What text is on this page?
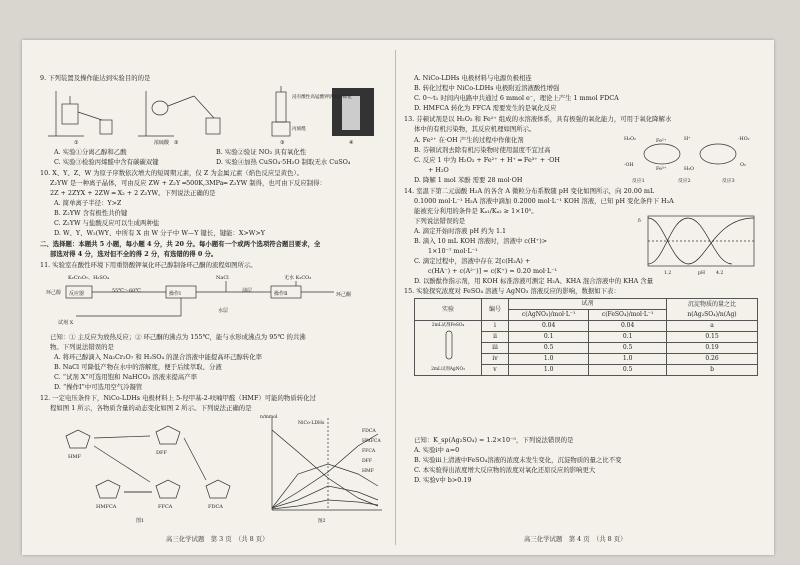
9. 下列装置及操作能达到实验目的的是

浓硫酸
浸有酸性高锰酸钾溶液的棉花
丙烯醛
①	②	③	④

A. 实验①分离乙醇和乙酸	B. 实验②验证 NO₂ 具有氧化性

C. 实验③检验丙烯醛中含有碳碳双键	D. 实验④加热 CuSO₄·5H₂O 制取无水 CuSO₄

10. X、Y、Z、W 为原子序数依次增大的短周期元素，仅 Z 为金属元素（焰色反应呈黄色）。

Z₂YW 是一种离子晶体，可由反应 ZW + Z₂Y ═500K,3MPa═ Z₂YW 制得，也可由下反应制得：

2Z + 2ZYX + 2ZW ═ X₂ + 2 Z₂YW。下列说法正确的是

A. 简单离子半径：Y>Z

B. Z₂YW 含有极性共价键

C. Z₂YW 与盐酸反应可以生成两种盐

D. W、Y、W₂(WY、中所有 X 由 W 分子中 W—Y 键长，键能：X>W>Y

二、选择题：本题共 5 小题，每小题 4 分，共 20 分。每小题有一个或两个选项符合题目要求，全

部选对得 4 分，选对但不全的得 2 分，有选错的得 0 分。

11. 实验室在酸性环境下用重铬酸钾氧化环己醇制备环己酮的流程如图所示。

K₂Cr₂O₇、H₂SO₄
环己醇	55℃～60℃
NaCl	无水 K₂CO₃
油层
环己酮
水层
试剂 X
反应器	操作Ⅰ	操作Ⅱ

已知：① 主反应为放热反应；② 环己酮的沸点为 155℃，能与水形成沸点为 95℃ 的共沸

物。下列说法错误的是

A. 将环己醇滴入 Na₂Cr₂O₇ 和 H₂SO₄ 的混合溶液中能提高环己醇转化率

B. NaCl 可降低产物在水中的溶解度，便于后续萃取、分液

C. “试剂 X”可选用饱和 NaHCO₃ 溶液来提高产率

D. “操作Ⅰ”中可选用空气冷凝管

12. 一定电压条件下，NiCo-LDHs 电极材料上 5-羟甲基-2-呋喃甲醛（HMF）可能的物质转化过

程如图 1 所示，各物质含量的动态变化如图 2 所示。下列说法正确的是

HMF
DFF
HMFCA	FFCA	FDCA
图1
n/mmol
NiCo-LDHs
FDCA
HMFCA
FFCA
DFF
HMF
图2

高三化学试题　第 3 页　（共 8 页）

A. NiCo-LDHs 电极材料与电源负极相连

B. 转化过程中 NiCo-LDHs 电极附近溶液酸性增强

C. 0～t₁ 时间内电路中共通过 6 mmol e⁻，理论上产生 1 mmol FDCA

D. HMFCA 转化为 FFCA 需要发生的是氧化反应

13. 芬顿试剂是以 H₂O₂ 和 Fe²⁺ 组成的水溶液体系，具有极强的氧化能力，可用于氧化降解水

体中的有机污染物，其反应机理如图所示。

A. Fe²⁺ 在·OH 产生的过程中作催化剂

B. 芬顿试剂去除有机污染物时使用温度不宜过高

C. 反应 1 中为 H₂O₂ + Fe²⁺ + H⁺ ═ Fe³⁺ + ·OH

+ H₂O

D. 降解 1 mol 苯酚 需要 28 mol·OH

H₂O₂	Fe²⁺
·OH
H⁺
Fe³⁺	H₂O
·HO₂
O₂
反应1	反应2	反应3

14. 室温下第二元弱酸 H₂A 的各含 A 微粒分布系数随 pH 变化如图所示，向 20.00 mL

0.1000 mol·L⁻¹ H₂A 溶液中滴加 0.2000 mol·L⁻¹ KOH 溶液，已知 pH 变化条件下 H₂A

能被充分利用的条件是 Kₐ₁/Kₐ₂ ≥ 1×10⁵。

下列说法错误的是

A. 滴定开始时溶液 pH 约为 1.1

B. 滴入 10 mL KOH 溶液时，溶液中 c(H⁺)>

1×10⁻⁷ mol·L⁻¹

C. 滴定过程中，溶液中存在 2[c(H₂A) +

c(HA⁻) + c(A²⁻)] = c(K⁺) = 0.20 mol·L⁻¹

D. 以酚酞作指示剂，用 KOH 标准溶液可测定 H₂A、KHA 混合溶液中的 KHA 含量

δ
pH
1.2	4.2

15. 实验探究浓度对 FeSO₄ 溶液与 AgNO₃ 溶液反应的影响，数据如下表：

实验	编号	试剂		沉淀物质的量之比 n(Ag₂SO₄)/n(Ag)
		c(AgNO₃)/mol·L⁻¹	c(FeSO₄)/mol·L⁻¹	

2mL试剂FeSO₄
2mL试剂AgNO₃	ⅰ	0.04	0.04	a
	ⅱ	0.1	0.1	0.15
	ⅲ	0.5	0.5	0.19
	ⅳ	1.0	1.0	0.26
	ⅴ	1.0	0.5	b

已知：K_sp(Ag₂SO₄) = 1.2×10⁻⁵，下列说法错误的是

A. 实验ⅰ中 a=0

B. 实验ⅲ上清液中FeSO₄溶液的浓度未发生变化，沉淀物质的量之比不变

C. 本实验得出浓度增大反应物的浓度对氧化还原反应的影响更大

D. 实验ⅴ中 b>0.19

高三化学试题　第 4 页　（共 8 页）
